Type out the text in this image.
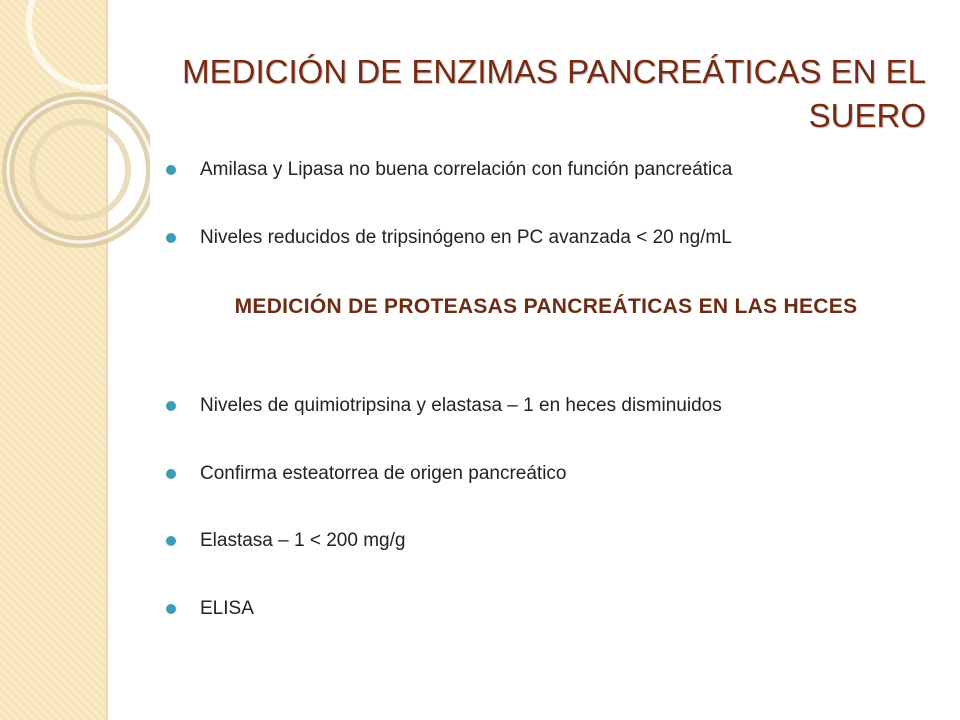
MEDICIÓN DE ENZIMAS PANCREÁTICAS EN EL SUERO
Amilasa y Lipasa no buena correlación con función pancreática
Niveles reducidos de tripsinógeno en PC avanzada < 20 ng/mL
MEDICIÓN DE PROTEASAS PANCREÁTICAS EN LAS HECES
Niveles de quimiotripsina y elastasa – 1 en heces disminuidos
Confirma esteatorrea de origen pancreático
Elastasa – 1 < 200 mg/g
ELISA
